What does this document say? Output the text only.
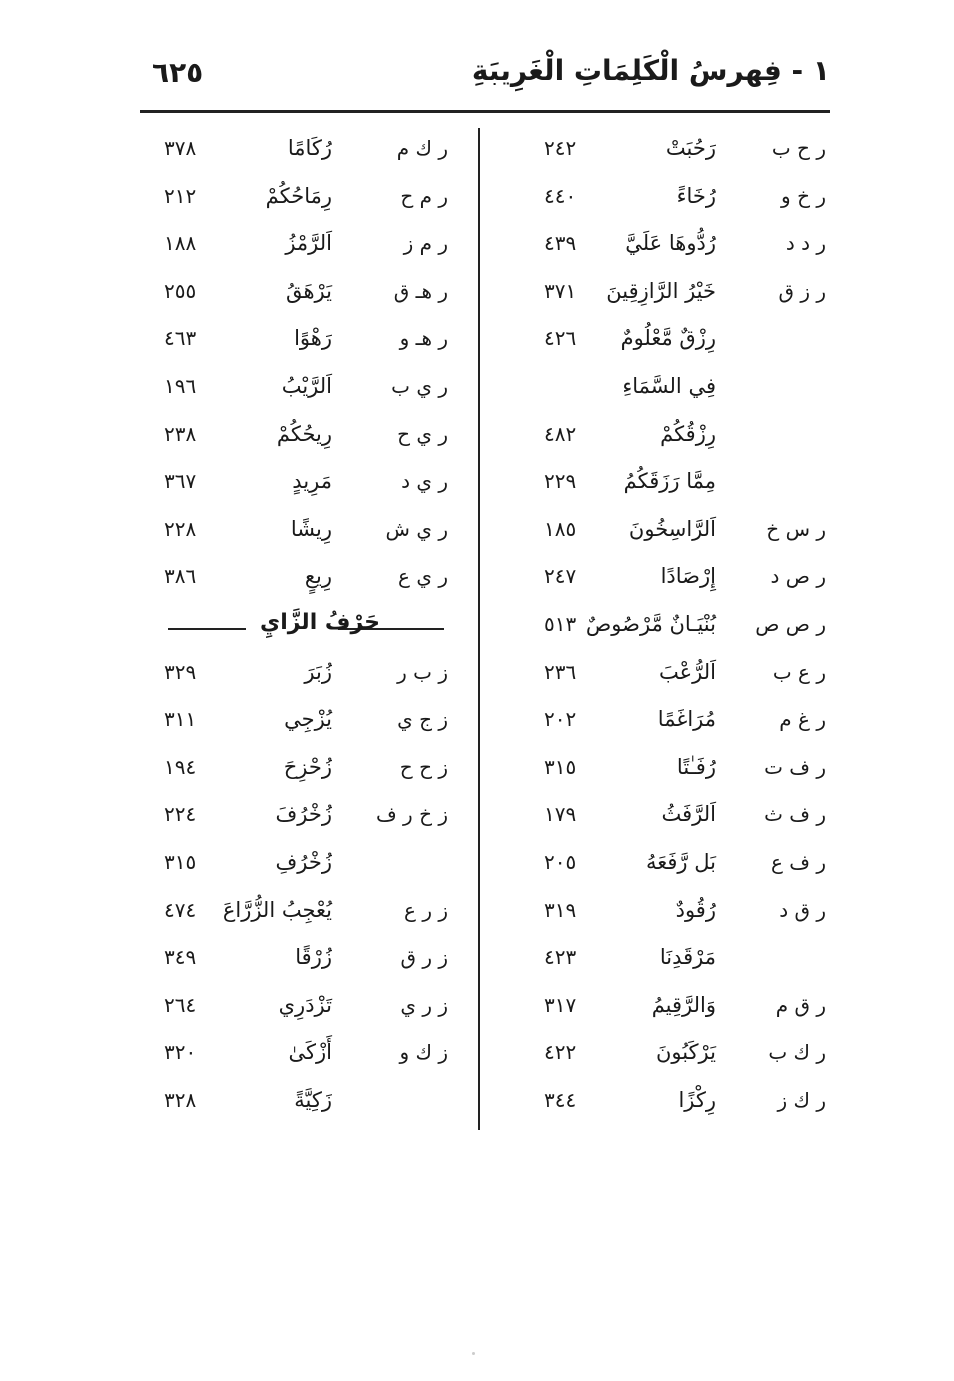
٦٢٥	١ - فِهرسُ الْكَلِمَاتِ الْغَرِيبَةِ
ر ح ب
رَحُبَتْ
٢٤٢
ر خ و
رُخَاءً
٤٤٠
ر د د
رُدُّوهَا عَلَيَّ
٤٣٩
ر ز ق
خَيْرُ الرَّازِقِينَ
٣٧١
رِزْقٌ مَّعْلُومٌ
٤٢٦
فِي السَّمَاءِ
رِزْقُكُمْ
٤٨٢
مِمَّا رَزَقَكُمُ
٢٢٩
ر س خ
اَلرَّاسِخُونَ
١٨٥
ر ص د
إِرْصَادًا
٢٤٧
ر ص ص
بُنْيَـانٌ مَّرْصُوصٌ
٥١٣
ر ع ب
اَلرُّعْبَ
٢٣٦
ر غ م
مُرَاغَمًا
٢٠٢
ر ف ت
رُفَـٰتًا
٣١٥
ر ف ث
اَلرَّفَثُ
١٧٩
ر ف ع
بَل رَّفَعَهُ
٢٠٥
ر ق د
رُقُودٌ
٣١٩
مَرْقَدِنَا
٤٢٣
ر ق م
وَالرَّقِيمُ
٣١٧
ر ك ب
يَرْكَبُونَ
٤٢٢
ر ك ز
رِكْزًا
٣٤٤
ر ك م
رُكَامًا
٣٧٨
ر م ح
رِمَاحُكُمْ
٢١٢
ر م ز
اَلرَّمْزُ
١٨٨
ر هـ ق
يَرْهَقُ
٢٥٥
ر هـ و
رَهْوًا
٤٦٣
ر ي ب
اَلرَّيْبُ
١٩٦
ر ي ح
رِيحُكُمْ
٢٣٨
ر ي د
مَرِيدٍ
٣٦٧
ر ي ش
رِيشًا
٢٢٨
ر ي ع
رِيعٍ
٣٨٦
حَرْفُ الزَّايِ
ز ب ر
زُبَرَ
٣٢٩
ز ج ي
يُزْجِي
٣١١
ز ح ح
زُحْزِحَ
١٩٤
ز خ ر ف
زُخْرُفَ
٢٢٤
زُخْرُفِ
٣١٥
ز ر ع
يُعْجِبُ الزُّرَّاعَ
٤٧٤
ز ر ق
زُرْقًا
٣٤٩
ز ر ي
تَزْدَرِي
٢٦٤
ز ك و
أَزْكَىٰ
٣٢٠
زَكِيَّةً
٣٢٨
